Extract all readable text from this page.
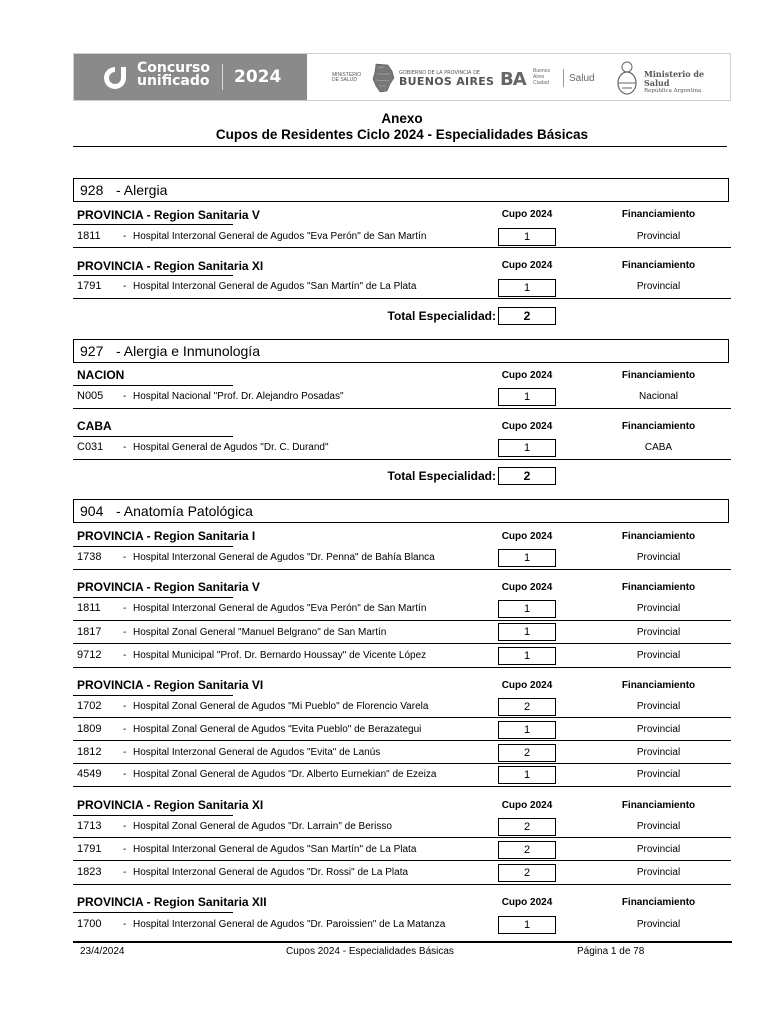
Concurso
unificado 2024	MINISTERIO DE SALUD
GOBIERNO DE LA PROVINCIA DE
BUENOS AIRES BA Buenos
Aires
Ciudad Salud	Ministerio de Salud
República Argentina
Anexo
Cupos de Residentes Ciclo 2024 - Especialidades Básicas
928 - Alergia
PROVINCIA - Region Sanitaria V	Cupo 2024	Financiamiento
1811 - Hospital Interzonal General de Agudos "Eva Perón" de San Martín	1	Provincial
PROVINCIA - Region Sanitaria XI	Cupo 2024	Financiamiento
1791 - Hospital Interzonal General de Agudos "San Martín" de La Plata	1	Provincial
Total Especialidad:	2
927 - Alergia e Inmunología
NACION	Cupo 2024	Financiamiento
N005 - Hospital Nacional "Prof. Dr. Alejandro Posadas"	1	Nacional
CABA	Cupo 2024	Financiamiento
C031 - Hospital General de Agudos "Dr. C. Durand"	1	CABA
Total Especialidad:	2
904 - Anatomía Patológica
PROVINCIA - Region Sanitaria I	Cupo 2024	Financiamiento
1738 - Hospital Interzonal General de Agudos "Dr. Penna" de Bahía Blanca	1	Provincial
PROVINCIA - Region Sanitaria V	Cupo 2024	Financiamiento
1811 - Hospital Interzonal General de Agudos "Eva Perón" de San Martín	1	Provincial
1817 - Hospital Zonal General "Manuel Belgrano" de San Martín	1	Provincial
9712 - Hospital Municipal "Prof. Dr. Bernardo Houssay" de Vicente López	1	Provincial
PROVINCIA - Region Sanitaria VI	Cupo 2024	Financiamiento
1702 - Hospital Zonal General de Agudos "Mi Pueblo" de Florencio Varela	2	Provincial
1809 - Hospital Zonal General de Agudos "Evita Pueblo" de Berazategui	1	Provincial
1812 - Hospital Interzonal General de Agudos "Evita" de Lanús	2	Provincial
4549 - Hospital Zonal General de Agudos "Dr. Alberto Eurnekian" de Ezeiza	1	Provincial
PROVINCIA - Region Sanitaria XI	Cupo 2024	Financiamiento
1713 - Hospital Zonal General de Agudos "Dr. Larrain" de Berisso	2	Provincial
1791 - Hospital Interzonal General de Agudos "San Martín" de La Plata	2	Provincial
1823 - Hospital Interzonal General de Agudos "Dr. Rossi" de La Plata	2	Provincial
PROVINCIA - Region Sanitaria XII	Cupo 2024	Financiamiento
1700 - Hospital Interzonal General de Agudos "Dr. Paroissien" de La Matanza	1	Provincial
23/4/2024	Cupos 2024 - Especialidades Básicas	Página 1 de 78
